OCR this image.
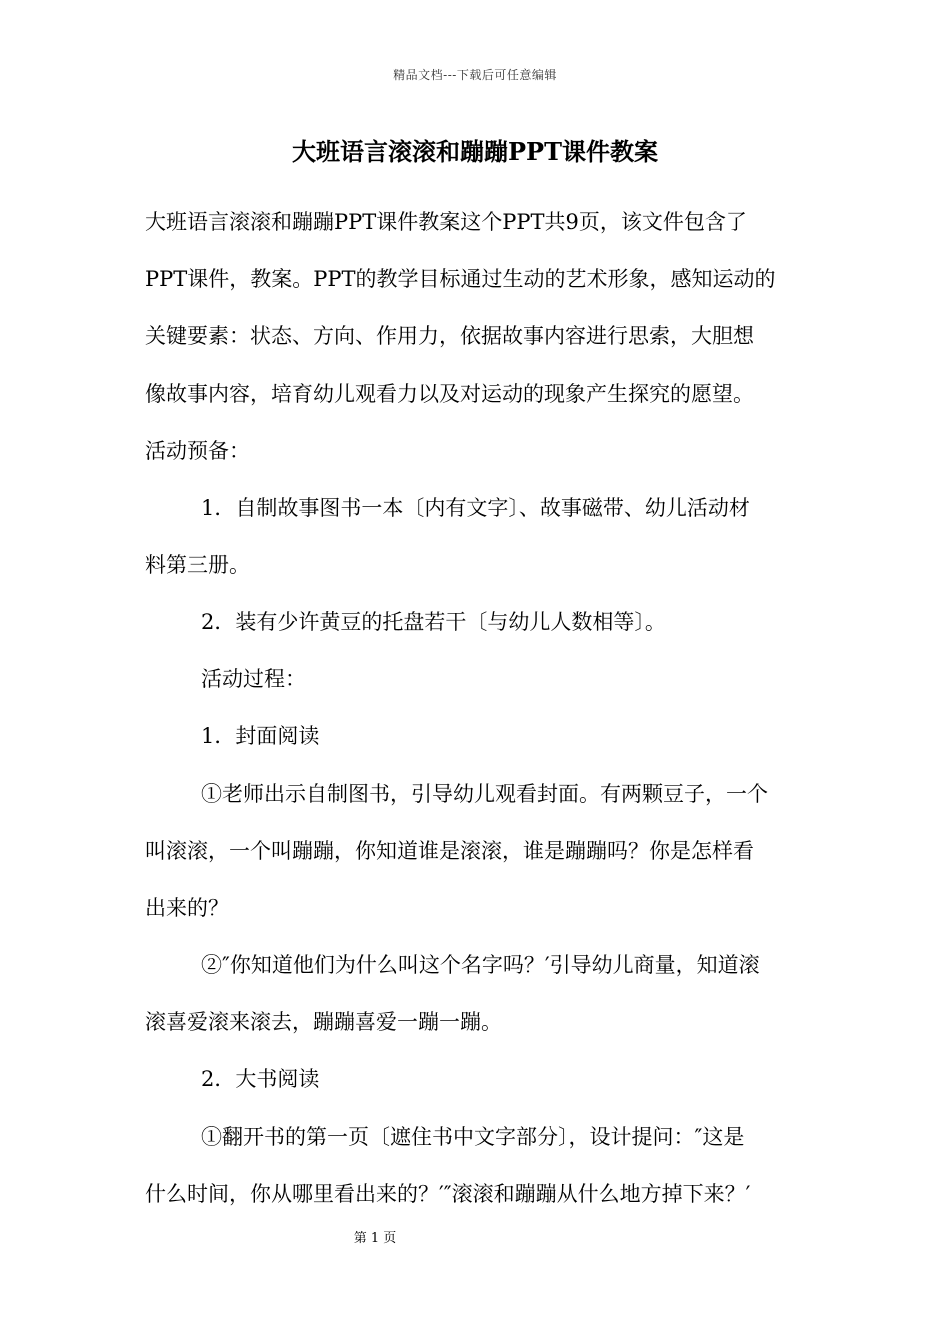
精品文档---下载后可任意编辑
大班语言滚滚和蹦蹦PPT课件教案
大班语言滚滚和蹦蹦PPT课件教案这个PPT共9页，该文件包含了
PPT课件，教案。PPT的教学目标通过生动的艺术形象，感知运动的
关键要素：状态、方向、作用力，依据故事内容进行思索，大胆想
像故事内容，培育幼儿观看力以及对运动的现象产生探究的愿望。
活动预备：
1．自制故事图书一本〔内有文字〕、故事磁带、幼儿活动材
料第三册。
2．装有少许黄豆的托盘若干〔与幼儿人数相等〕。
活动过程：
1．封面阅读
①老师出示自制图书，引导幼儿观看封面。有两颗豆子，一个
叫滚滚，一个叫蹦蹦，你知道谁是滚滚，谁是蹦蹦吗？你是怎样看
出来的？
②″你知道他们为什么叫这个名字吗？′引导幼儿商量，知道滚
滚喜爱滚来滚去，蹦蹦喜爱一蹦一蹦。
2．大书阅读
①翻开书的第一页〔遮住书中文字部分〕，设计提问：″这是
什么时间，你从哪里看出来的？′″滚滚和蹦蹦从什么地方掉下来？′
第 1 页
